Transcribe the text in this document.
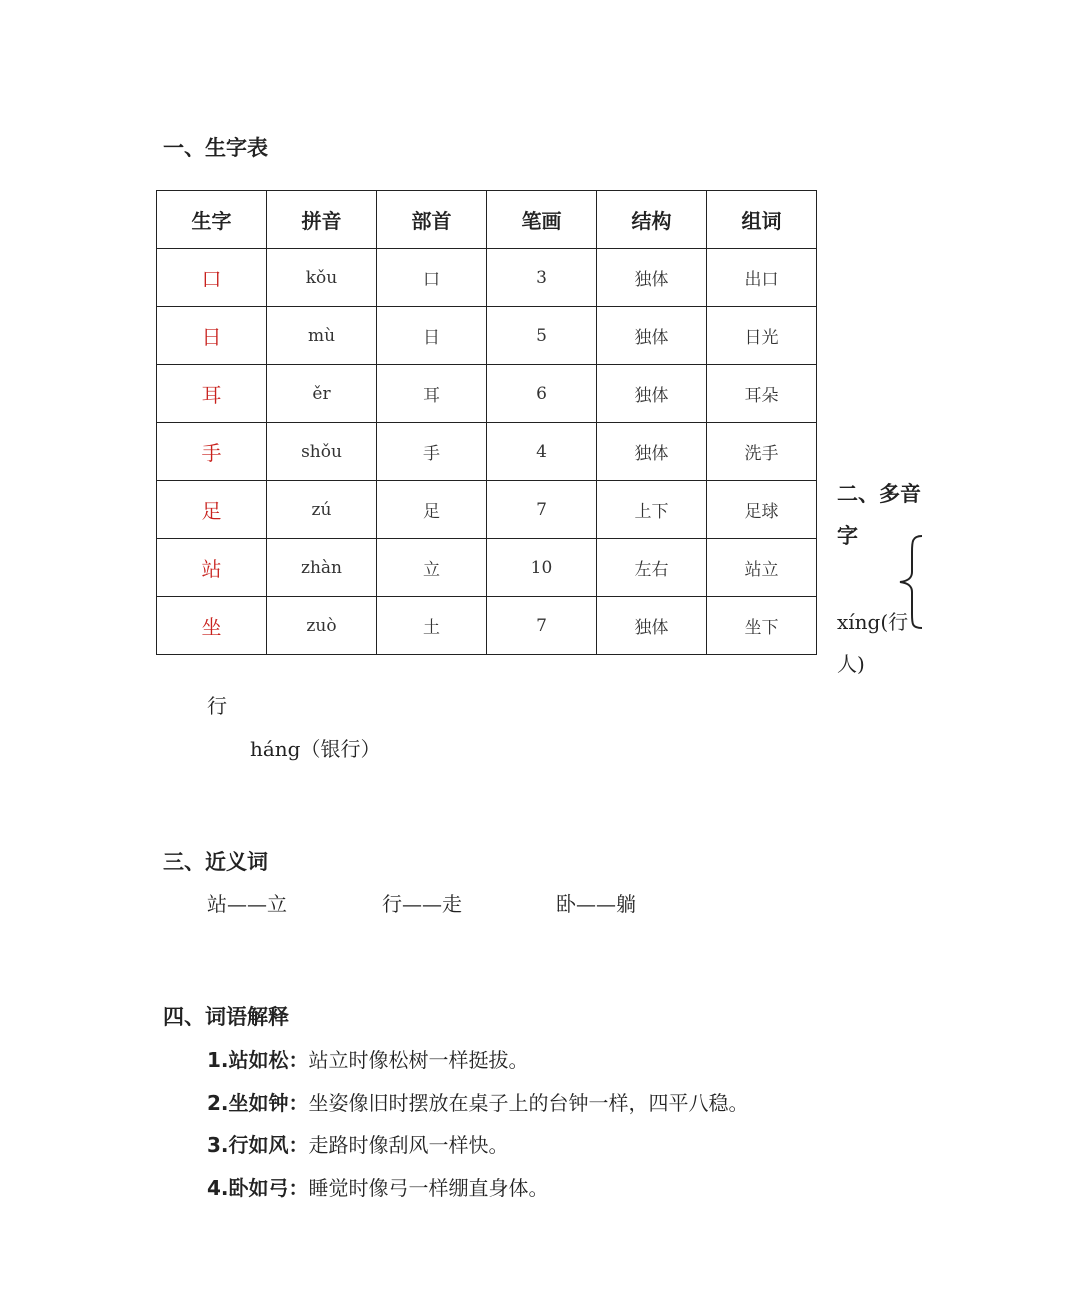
一、生字表
生字	拼音	部首	笔画	结构	组词
口	kǒu	口	3	独体	出口
日	mù	日	5	独体	日光
耳	ěr	耳	6	独体	耳朵
手	shǒu	手	4	独体	洗手
足	zú	足	7	上下	足球
站	zhàn	立	10	左右	站立
坐	zuò	土	7	独体	坐下
二、多音
字
xíng(行
人)
行
háng（银行）
三、近义词
站——立	行——走	卧——躺
四、词语解释
1.站如松：站立时像松树一样挺拔。
2.坐如钟：坐姿像旧时摆放在桌子上的台钟一样，四平八稳。
3.行如风：走路时像刮风一样快。
4.卧如弓：睡觉时像弓一样绷直身体。
